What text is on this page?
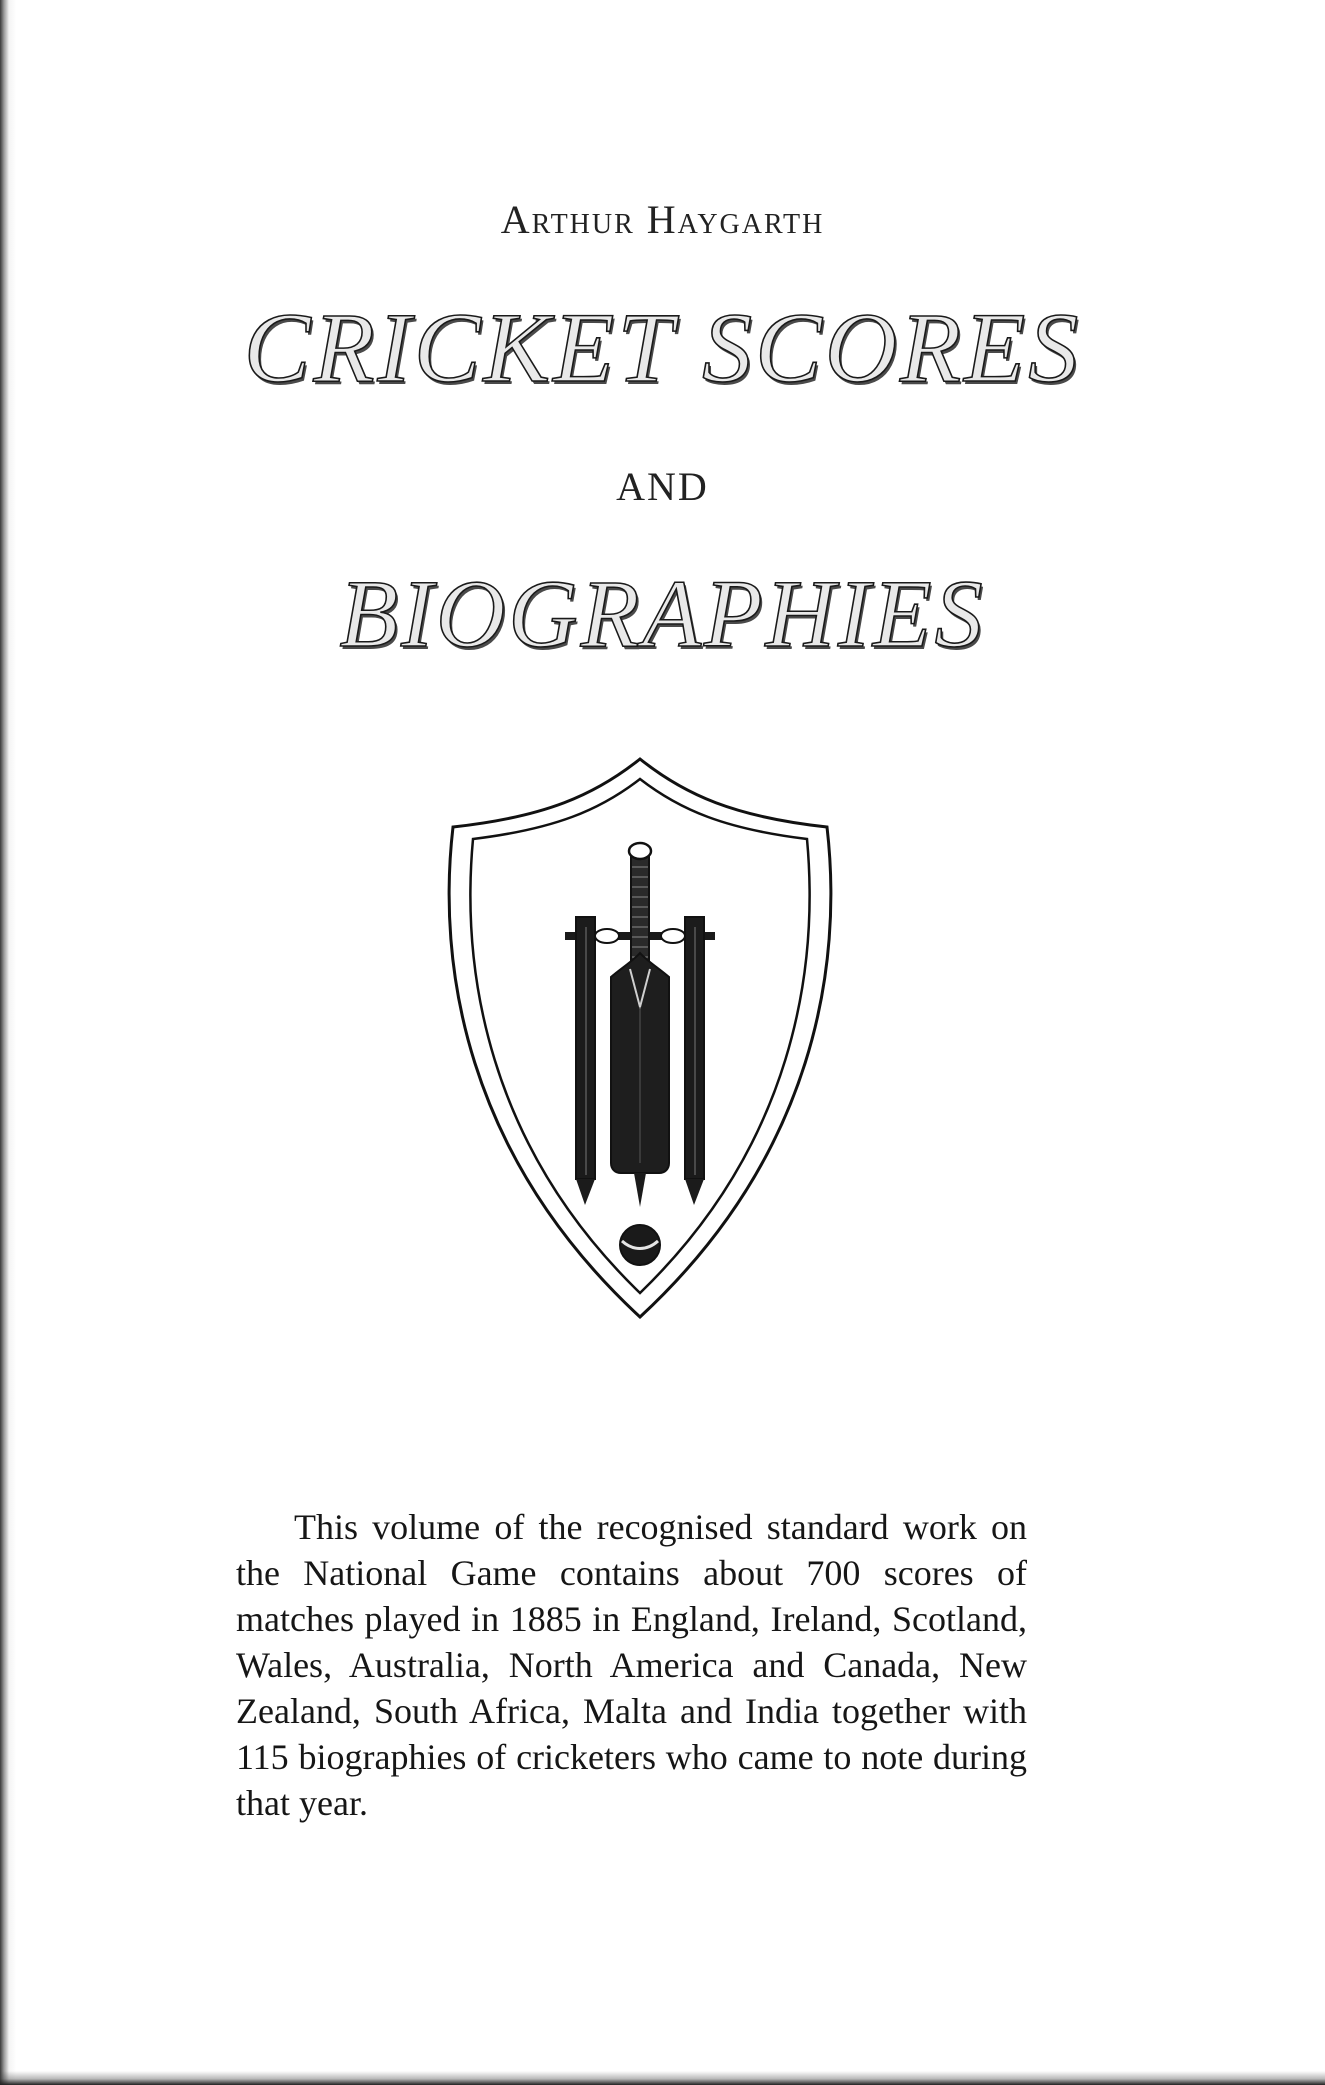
Arthur Haygarth
CRICKET SCORES
AND
BIOGRAPHIES
This volume of the recognised standard work on the National Game contains about 700 scores of matches played in 1885 in England, Ireland, Scotland, Wales, Australia, North America and Canada, New Zealand, South Africa, Malta and India together with 115 biographies of cricketers who came to note during that year.
